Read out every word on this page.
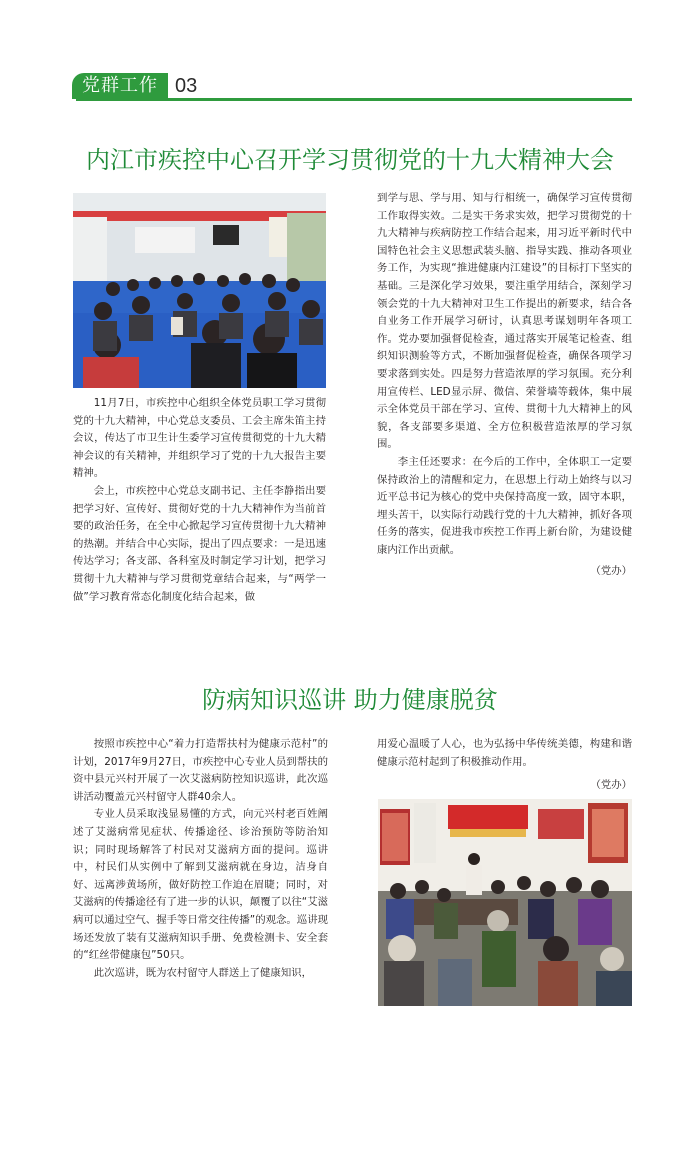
党群工作 03
内江市疾控中心召开学习贯彻党的十九大精神大会

11月7日，市疾控中心组织全体党员职工学习贯彻党的十九大精神，中心党总支委员、工会主席朱笛主持会议，传达了市卫生计生委学习宣传贯彻党的十九大精神会议的有关精神，并组织学习了党的十九大报告主要精神。

会上，市疾控中心党总支副书记、主任李静指出要把学习好、宣传好、贯彻好党的十九大精神作为当前首要的政治任务，在全中心掀起学习宣传贯彻十九大精神的热潮。并结合中心实际，提出了四点要求：一是迅速传达学习；各支部、各科室及时制定学习计划，把学习贯彻十九大精神与学习贯彻党章结合起来，与“两学一做”学习教育常态化制度化结合起来，做

到学与思、学与用、知与行相统一，确保学习宣传贯彻工作取得实效。二是实干务求实效，把学习贯彻党的十九大精神与疾病防控工作结合起来，用习近平新时代中国特色社会主义思想武装头脑、指导实践、推动各项业务工作，为实现“推进健康内江建设”的目标打下坚实的基础。三是深化学习效果，要注重学用结合，深刻学习领会党的十九大精神对卫生工作提出的新要求，结合各自业务工作开展学习研讨，认真思考谋划明年各项工作。党办要加强督促检查，通过落实开展笔记检查、组织知识测验等方式，不断加强督促检查，确保各项学习要求落到实处。四是努力营造浓厚的学习氛围。充分利用宣传栏、LED显示屏、微信、荣誉墙等载体，集中展示全体党员干部在学习、宣传、贯彻十九大精神上的风貌，各支部要多渠道、全方位积极营造浓厚的学习氛围。

李主任还要求：在今后的工作中，全体职工一定要保持政治上的清醒和定力，在思想上行动上始终与以习近平总书记为核心的党中央保持高度一致，固守本职，埋头苦干，以实际行动践行党的十九大精神，抓好各项任务的落实，促进我市疾控工作再上新台阶，为建设健康内江作出贡献。

（党办）

防病知识巡讲 助力健康脱贫

按照市疾控中心“着力打造帮扶村为健康示范村”的计划，2017年9月27日，市疾控中心专业人员到帮扶的资中县元兴村开展了一次艾滋病防控知识巡讲，此次巡讲活动覆盖元兴村留守人群40余人。

专业人员采取浅显易懂的方式，向元兴村老百姓阐述了艾滋病常见症状、传播途径、诊治预防等防治知识；同时现场解答了村民对艾滋病方面的提问。巡讲中，村民们从实例中了解到艾滋病就在身边，洁身自好、远离涉黄场所，做好防控工作迫在眉睫；同时，对艾滋病的传播途径有了进一步的认识，颠覆了以往“艾滋病可以通过空气、握手等日常交往传播”的观念。巡讲现场还发放了装有艾滋病知识手册、免费检测卡、安全套的“红丝带健康包”50只。

此次巡讲，既为农村留守人群送上了健康知识，

用爱心温暖了人心，也为弘扬中华传统美德，构建和谐健康示范村起到了积极推动作用。

（党办）
